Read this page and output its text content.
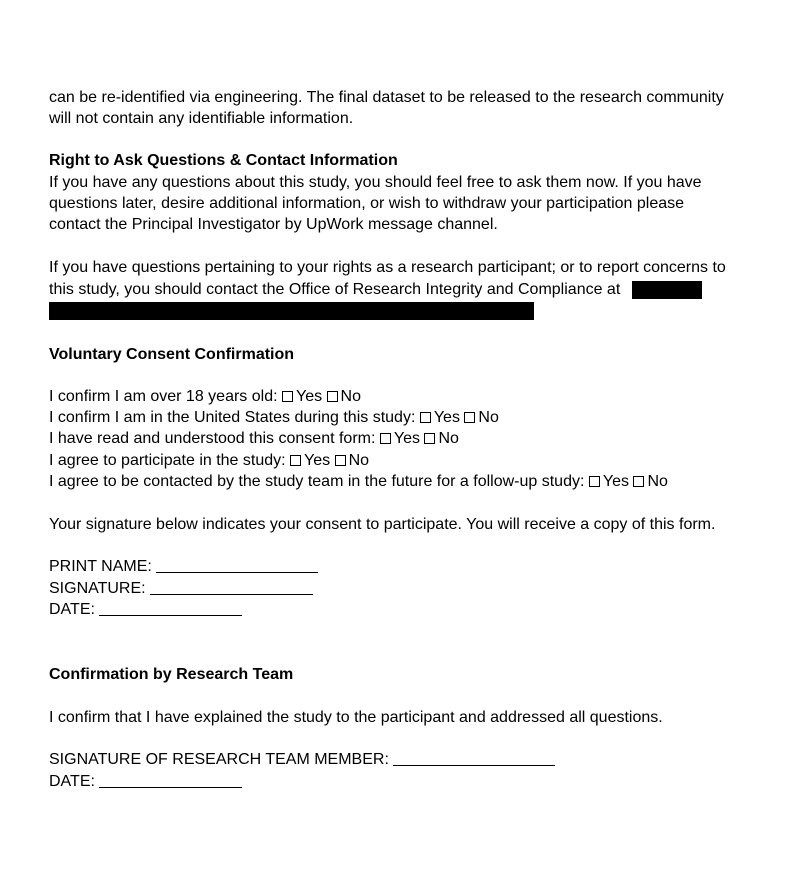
can be re-identified via engineering. The final dataset to be released to the research community

will not contain any identifiable information.

Right to Ask Questions & Contact Information

If you have any questions about this study, you should feel free to ask them now. If you have

questions later, desire additional information, or wish to withdraw your participation please

contact the Principal Investigator by UpWork message channel.

If you have questions pertaining to your rights as a research participant; or to report concerns to

this study, you should contact the Office of Research Integrity and Compliance at

Voluntary Consent Confirmation

I confirm I am over 18 years old: Yes No

I confirm I am in the United States during this study: Yes No

I have read and understood this consent form: Yes No

I agree to participate in the study: Yes No

I agree to be contacted by the study team in the future for a follow-up study: Yes No

Your signature below indicates your consent to participate. You will receive a copy of this form.

PRINT NAME:

SIGNATURE:

DATE:

Confirmation by Research Team

I confirm that I have explained the study to the participant and addressed all questions.

SIGNATURE OF RESEARCH TEAM MEMBER:

DATE:
